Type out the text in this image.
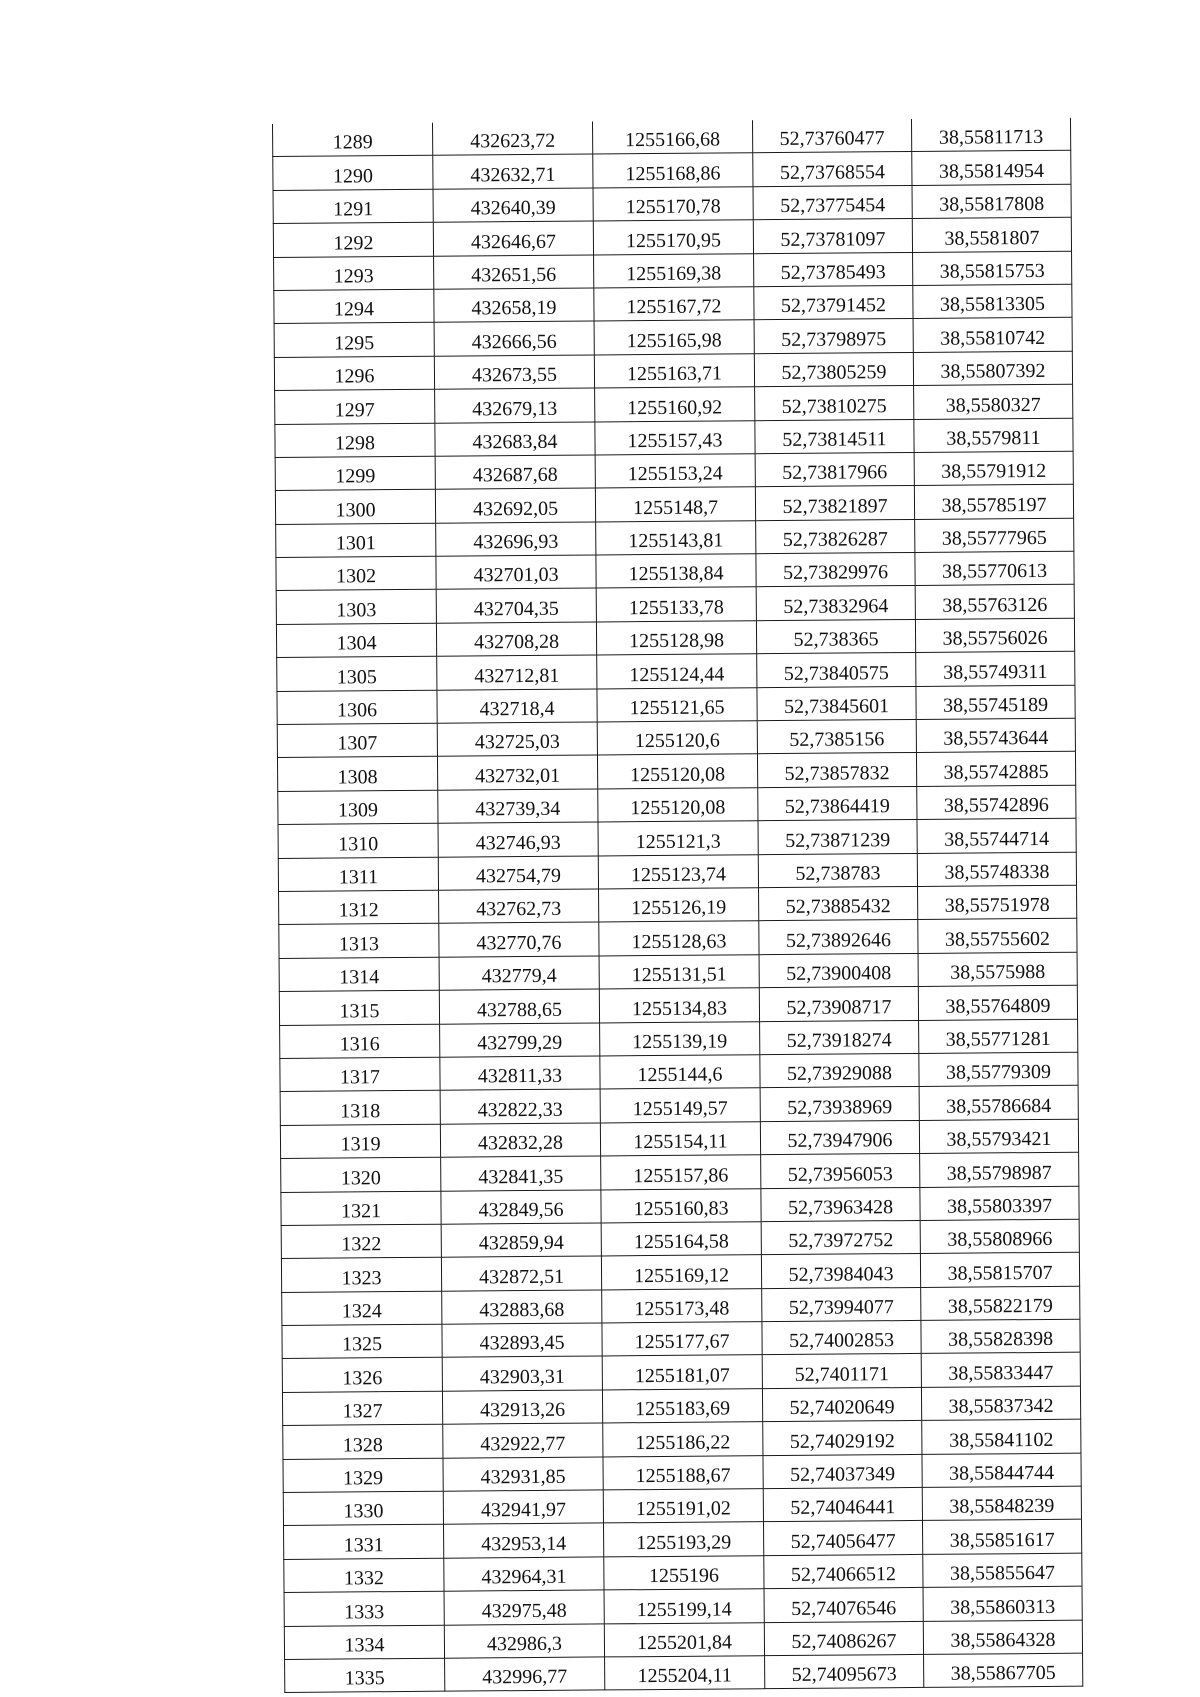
1289	432623,72	1255166,68	52,73760477	38,55811713
1290	432632,71	1255168,86	52,73768554	38,55814954
1291	432640,39	1255170,78	52,73775454	38,55817808
1292	432646,67	1255170,95	52,73781097	38,5581807
1293	432651,56	1255169,38	52,73785493	38,55815753
1294	432658,19	1255167,72	52,73791452	38,55813305
1295	432666,56	1255165,98	52,73798975	38,55810742
1296	432673,55	1255163,71	52,73805259	38,55807392
1297	432679,13	1255160,92	52,73810275	38,5580327
1298	432683,84	1255157,43	52,73814511	38,5579811
1299	432687,68	1255153,24	52,73817966	38,55791912
1300	432692,05	1255148,7	52,73821897	38,55785197
1301	432696,93	1255143,81	52,73826287	38,55777965
1302	432701,03	1255138,84	52,73829976	38,55770613
1303	432704,35	1255133,78	52,73832964	38,55763126
1304	432708,28	1255128,98	52,738365	38,55756026
1305	432712,81	1255124,44	52,73840575	38,55749311
1306	432718,4	1255121,65	52,73845601	38,55745189
1307	432725,03	1255120,6	52,7385156	38,55743644
1308	432732,01	1255120,08	52,73857832	38,55742885
1309	432739,34	1255120,08	52,73864419	38,55742896
1310	432746,93	1255121,3	52,73871239	38,55744714
1311	432754,79	1255123,74	52,738783	38,55748338
1312	432762,73	1255126,19	52,73885432	38,55751978
1313	432770,76	1255128,63	52,73892646	38,55755602
1314	432779,4	1255131,51	52,73900408	38,5575988
1315	432788,65	1255134,83	52,73908717	38,55764809
1316	432799,29	1255139,19	52,73918274	38,55771281
1317	432811,33	1255144,6	52,73929088	38,55779309
1318	432822,33	1255149,57	52,73938969	38,55786684
1319	432832,28	1255154,11	52,73947906	38,55793421
1320	432841,35	1255157,86	52,73956053	38,55798987
1321	432849,56	1255160,83	52,73963428	38,55803397
1322	432859,94	1255164,58	52,73972752	38,55808966
1323	432872,51	1255169,12	52,73984043	38,55815707
1324	432883,68	1255173,48	52,73994077	38,55822179
1325	432893,45	1255177,67	52,74002853	38,55828398
1326	432903,31	1255181,07	52,7401171	38,55833447
1327	432913,26	1255183,69	52,74020649	38,55837342
1328	432922,77	1255186,22	52,74029192	38,55841102
1329	432931,85	1255188,67	52,74037349	38,55844744
1330	432941,97	1255191,02	52,74046441	38,55848239
1331	432953,14	1255193,29	52,74056477	38,55851617
1332	432964,31	1255196	52,74066512	38,55855647
1333	432975,48	1255199,14	52,74076546	38,55860313
1334	432986,3	1255201,84	52,74086267	38,55864328
1335	432996,77	1255204,11	52,74095673	38,55867705
